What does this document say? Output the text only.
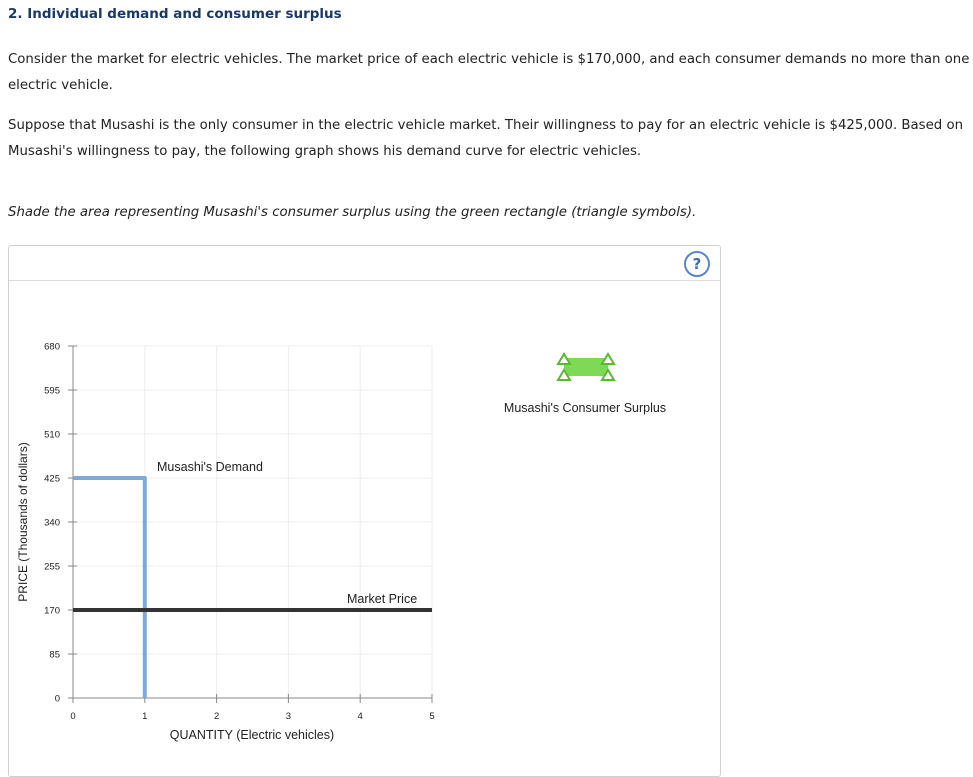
2. Individual demand and consumer surplus
Consider the market for electric vehicles. The market price of each electric vehicle is $170,000, and each consumer demands no more than one electric vehicle.
Suppose that Musashi is the only consumer in the electric vehicle market. Their willingness to pay for an electric vehicle is $425,000. Based on Musashi's willingness to pay, the following graph shows his demand curve for electric vehicles.
Shade the area representing Musashi's consumer surplus using the green rectangle (triangle symbols).
?
0
85
170
255
340
425
510
595
680
0	1	2	3	4	5
Musashi's Demand
Market Price
QUANTITY (Electric vehicles)
PRICE (Thousands of dollars)
Musashi's Consumer Surplus
